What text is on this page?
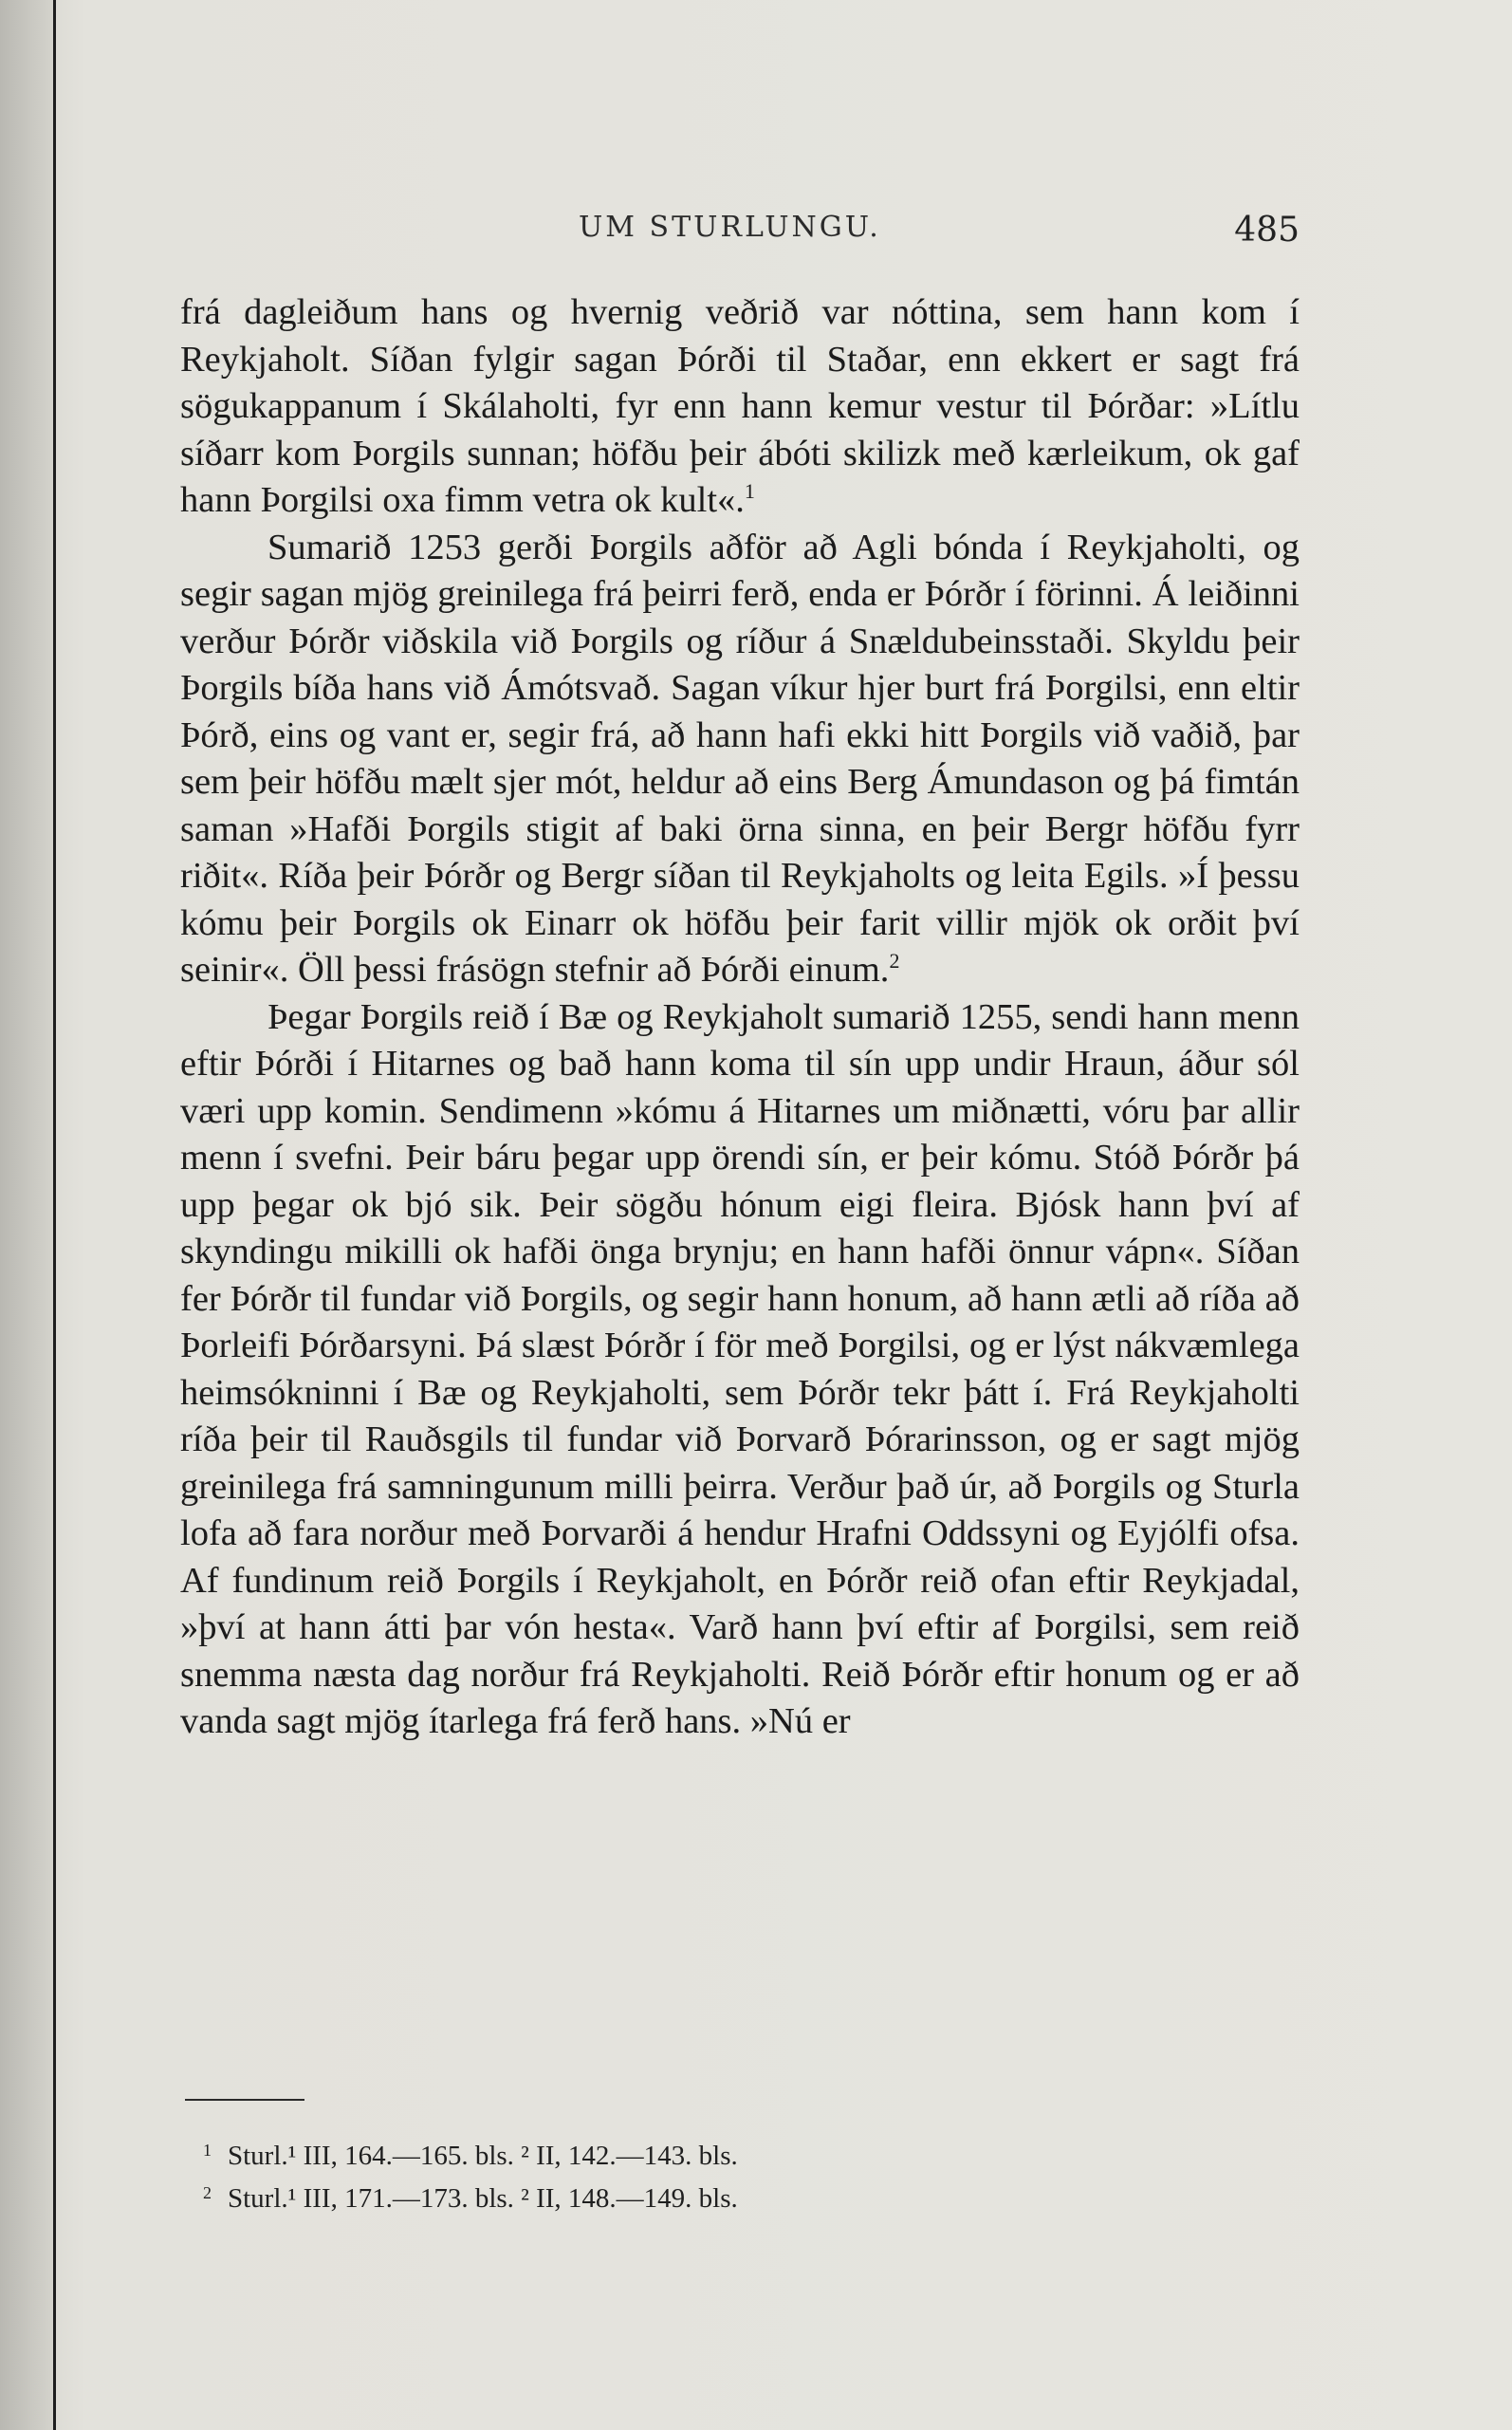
UM STURLUNGU.	485

frá dagleiðum hans og hvernig veðrið var nóttina, sem hann kom í Reykjaholt. Síðan fylgir sagan Þórði til Staðar, enn ekkert er sagt frá sögukappanum í Skálaholti, fyr enn hann kemur vestur til Þórðar: »Lítlu síðarr kom Þorgils sunnan; höfðu þeir ábóti skilizk með kærleikum, ok gaf hann Þorgilsi oxa fimm vetra ok kult«.$^1$

Sumarið 1253 gerði Þorgils aðför að Agli bónda í Reykjaholti, og segir sagan mjög greinilega frá þeirri ferð, enda er Þórðr í förinni. Á leiðinni verður Þórðr viðskila við Þorgils og ríður á Snældubeinsstaði. Skyldu þeir Þorgils bíða hans við Ámótsvað. Sagan víkur hjer burt frá Þorgilsi, enn eltir Þórð, eins og vant er, segir frá, að hann hafi ekki hitt Þorgils við vaðið, þar sem þeir höfðu mælt sjer mót, heldur að eins Berg Ámundason og þá fimtán saman »Hafði Þorgils stigit af baki örna sinna, en þeir Bergr höfðu fyrr riðit«. Ríða þeir Þórðr og Bergr síðan til Reykjaholts og leita Egils. »Í þessu kómu þeir Þorgils ok Einarr ok höfðu þeir farit villir mjök ok orðit því seinir«. Öll þessi frásögn stefnir að Þórði einum.$^2$

Þegar Þorgils reið í Bæ og Reykjaholt sumarið 1255, sendi hann menn eftir Þórði í Hitarnes og bað hann koma til sín upp undir Hraun, áður sól væri upp komin. Sendimenn »kómu á Hitarnes um miðnætti, vóru þar allir menn í svefni. Þeir báru þegar upp örendi sín, er þeir kómu. Stóð Þórðr þá upp þegar ok bjó sik. Þeir sögðu hónum eigi fleira. Bjósk hann því af skyndingu mikilli ok hafði önga brynju; en hann hafði önnur vápn«. Síðan fer Þórðr til fundar við Þorgils, og segir hann honum, að hann ætli að ríða að Þorleifi Þórðarsyni. Þá slæst Þórðr í för með Þorgilsi, og er lýst nákvæmlega heimsókninni í Bæ og Reykjaholti, sem Þórðr tekr þátt í. Frá Reykjaholti ríða þeir til Rauðsgils til fundar við Þorvarð Þórarinsson, og er sagt mjög greinilega frá samningunum milli þeirra. Verður það úr, að Þorgils og Sturla lofa að fara norður með Þorvarði á hendur Hrafni Oddssyni og Eyjólfi ofsa. Af fundinum reið Þorgils í Reykjaholt, en Þórðr reið ofan eftir Reykjadal, »því at hann átti þar vón hesta«. Varð hann því eftir af Þorgilsi, sem reið snemma næsta dag norður frá Reykjaholti. Reið Þórðr eftir honum og er að vanda sagt mjög ítarlega frá ferð hans. »Nú er

1 Sturl.¹ III, 164.—165. bls. ² II, 142.—143. bls.
2 Sturl.¹ III, 171.—173. bls. ² II, 148.—149. bls.
